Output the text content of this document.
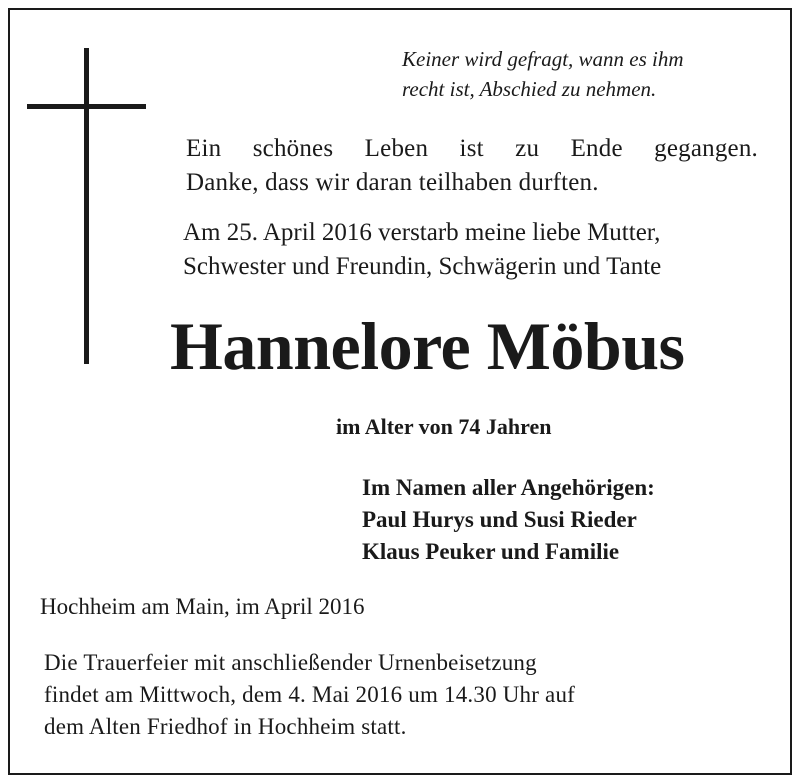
Keiner wird gefragt, wann es ihm
recht ist, Abschied zu nehmen.
Ein schönes Leben ist zu Ende gegangen.
Danke, dass wir daran teilhaben durften.
Am 25. April 2016 verstarb meine liebe Mutter,
Schwester und Freundin, Schwägerin und Tante
Hannelore Möbus
im Alter von 74 Jahren
Im Namen aller Angehörigen:
Paul Hurys und Susi Rieder
Klaus Peuker und Familie
Hochheim am Main, im April 2016
Die Trauerfeier mit anschließender Urnenbeisetzung
findet am Mittwoch, dem 4. Mai 2016 um 14.30 Uhr auf
dem Alten Friedhof in Hochheim statt.
